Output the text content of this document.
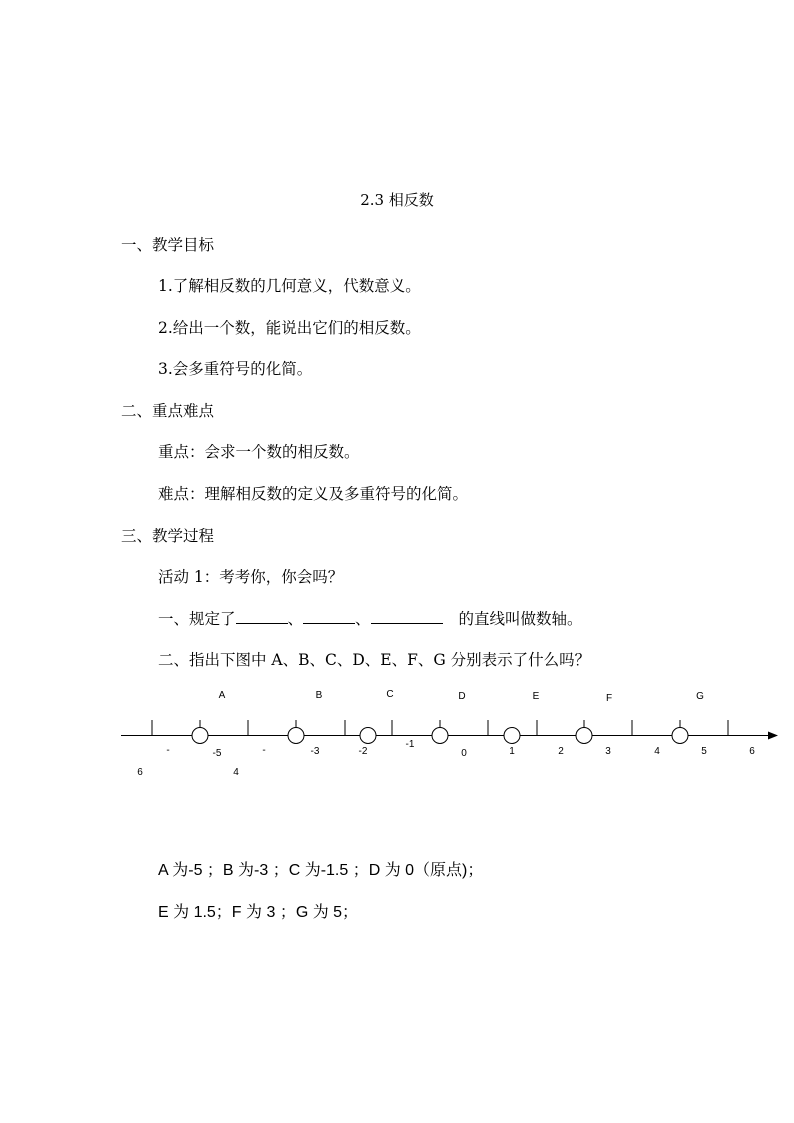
2.3 相反数
一、教学目标
1.了解相反数的几何意义，代数意义。
2.给出一个数，能说出它们的相反数。
3.会多重符号的化简。
二、重点难点
重点：会求一个数的相反数。
难点：理解相反数的定义及多重符号的化简。
三、教学过程
活动 1：考考你，你会吗？
一、规定了	、	、	的直线叫做数轴。
二、指出下图中 A、B、C、D、E、F、G 分别表示了什么吗？
A	B	C	D	E	F	G
-
6
-5	-
4
-3	-2
-1
0	1	2	3	4	5	6
A 为-5 ；B 为-3 ；C 为-1.5 ；D 为 0（原点)；
E 为 1.5；F 为 3 ；G 为 5；
